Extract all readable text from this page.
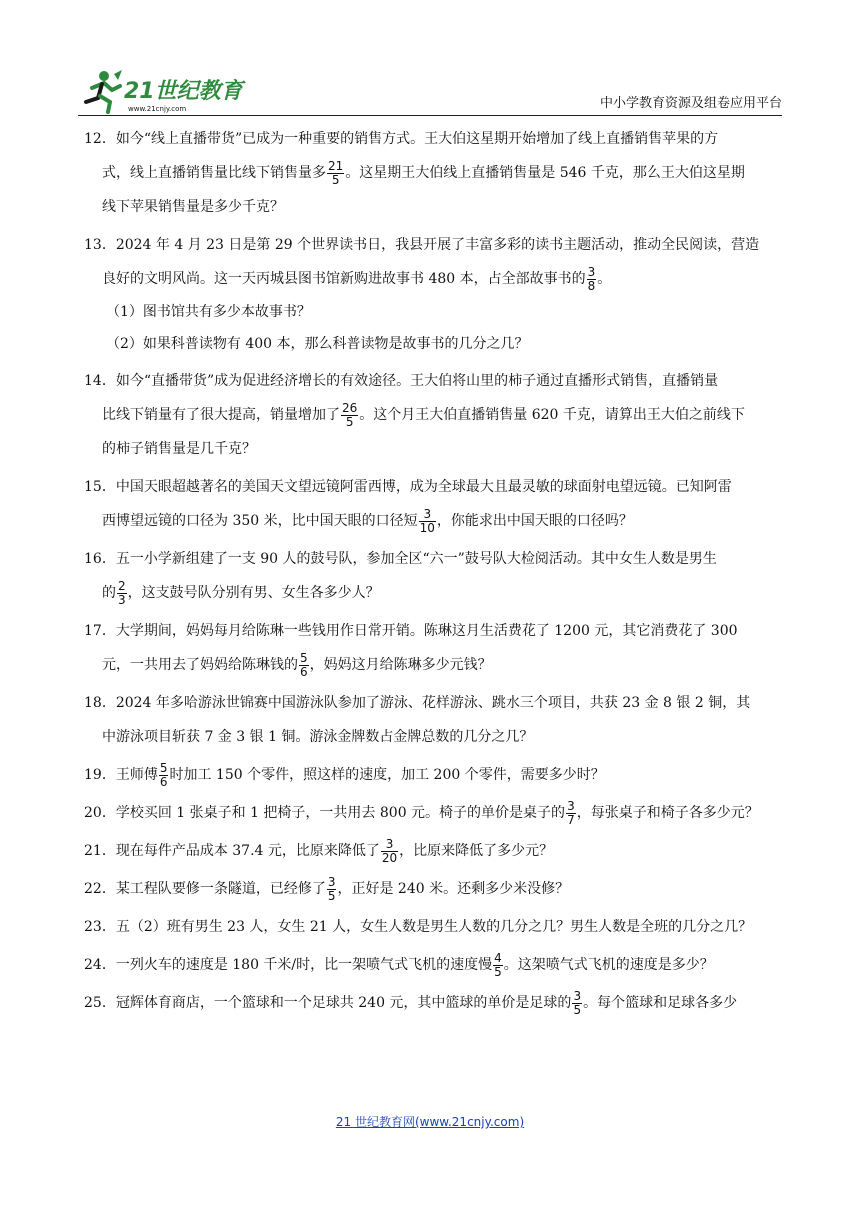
21世纪教育
www.21cnjy.com	中小学教育资源及组卷应用平台
12．如今“线上直播带货”已成为一种重要的销售方式。王大伯这星期开始增加了线上直播销售苹果的方
式，线上直播销售量比线下销售量多 $\frac{21}{5}$ 。这星期王大伯线上直播销售量是 546 千克，那么王大伯这星期
线下苹果销售量是多少千克？
13．2024 年 4 月 23 日是第 29 个世界读书日，我县开展了丰富多彩的读书主题活动，推动全民阅读，营造
良好的文明风尚。这一天丙城县图书馆新购进故事书 480 本，占全部故事书的 $\frac{3}{8}$ 。
（1）图书馆共有多少本故事书？
（2）如果科普读物有 400 本，那么科普读物是故事书的几分之几？
14．如今“直播带货”成为促进经济增长的有效途径。王大伯将山里的柿子通过直播形式销售，直播销量
比线下销量有了很大提高，销量增加了 $\frac{26}{5}$ 。这个月王大伯直播销售量 620 千克，请算出王大伯之前线下
的柿子销售量是几千克？
15．中国天眼超越著名的美国天文望远镜阿雷西博，成为全球最大且最灵敏的球面射电望远镜。已知阿雷
西博望远镜的口径为 350 米，比中国天眼的口径短 $\frac{3}{10}$ ，你能求出中国天眼的口径吗？
16．五一小学新组建了一支 90 人的鼓号队，参加全区“六一”鼓号队大检阅活动。其中女生人数是男生
的 $\frac{2}{3}$ ，这支鼓号队分别有男、女生各多少人？
17．大学期间，妈妈每月给陈琳一些钱用作日常开销。陈琳这月生活费花了 1200 元，其它消费花了 300
元，一共用去了妈妈给陈琳钱的 $\frac{5}{6}$ ，妈妈这月给陈琳多少元钱？
18．2024 年多哈游泳世锦赛中国游泳队参加了游泳、花样游泳、跳水三个项目，共获 23 金 8 银 2 铜，其
中游泳项目斩获 7 金 3 银 1 铜。游泳金牌数占金牌总数的几分之几？
19．王师傅 $\frac{5}{6}$ 时加工 150 个零件，照这样的速度，加工 200 个零件，需要多少时？
20．学校买回 1 张桌子和 1 把椅子，一共用去 800 元。椅子的单价是桌子的 $\frac{3}{7}$ ，每张桌子和椅子各多少元？
21．现在每件产品成本 37.4 元，比原来降低了 $\frac{3}{20}$ ，比原来降低了多少元？
22．某工程队要修一条隧道，已经修了 $\frac{3}{5}$ ，正好是 240 米。还剩多少米没修？
23．五（2）班有男生 23 人，女生 21 人，女生人数是男生人数的几分之几？男生人数是全班的几分之几？
24．一列火车的速度是 180 千米/时，比一架喷气式飞机的速度慢 $\frac{4}{5}$ 。这架喷气式飞机的速度是多少？
25．冠辉体育商店，一个篮球和一个足球共 240 元，其中篮球的单价是足球的 $\frac{3}{5}$ 。每个篮球和足球各多少
21 世纪教育网(www.21cnjy.com)
